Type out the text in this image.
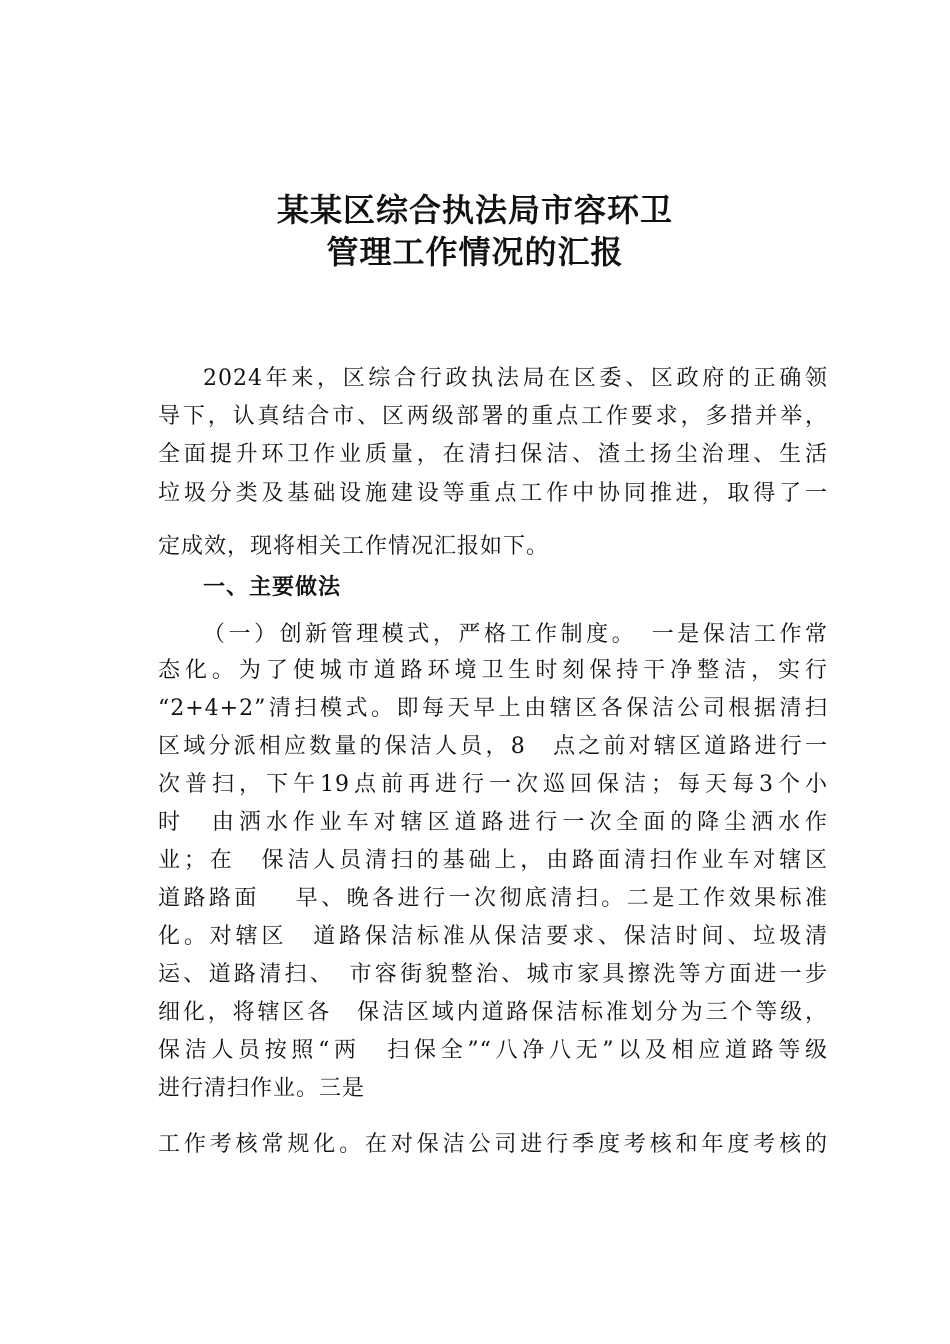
某某区综合执法局市容环卫
管理工作情况的汇报
2024年来，区综合行政执法局在区委、区政府的正确领
导下，认真结合市、区两级部署的重点工作要求，多措并举，
全面提升环卫作业质量，在清扫保洁、渣土扬尘治理、生活
垃圾分类及基础设施建设等重点工作中协同推进，取得了一
定成效，现将相关工作情况汇报如下。
一、主要做法
（一）创新管理模式，严格工作制度。　一是保洁工作常
态化。为了使城市道路环境卫生时刻保持干净整洁，实行
“2+4+2”清扫模式。即每天早上由辖区各保洁公司根据清扫
区域分派相应数量的保洁人员，8　点之前对辖区道路进行一
次普扫，下午19点前再进行一次巡回保洁；每天每3个小
时　由洒水作业车对辖区道路进行一次全面的降尘洒水作
业；在　保洁人员清扫的基础上，由路面清扫作业车对辖区
道路路面　 早、晚各进行一次彻底清扫。二是工作效果标准
化。对辖区　道路保洁标准从保洁要求、保洁时间、垃圾清
运、道路清扫、　市容街貌整治、城市家具擦洗等方面进一步
细化，将辖区各　保洁区域内道路保洁标准划分为三个等级，
保洁人员按照“两　扫保全”“八净八无”以及相应道路等级
进行清扫作业。三是
工作考核常规化。在对保洁公司进行季度考核和年度考核的
